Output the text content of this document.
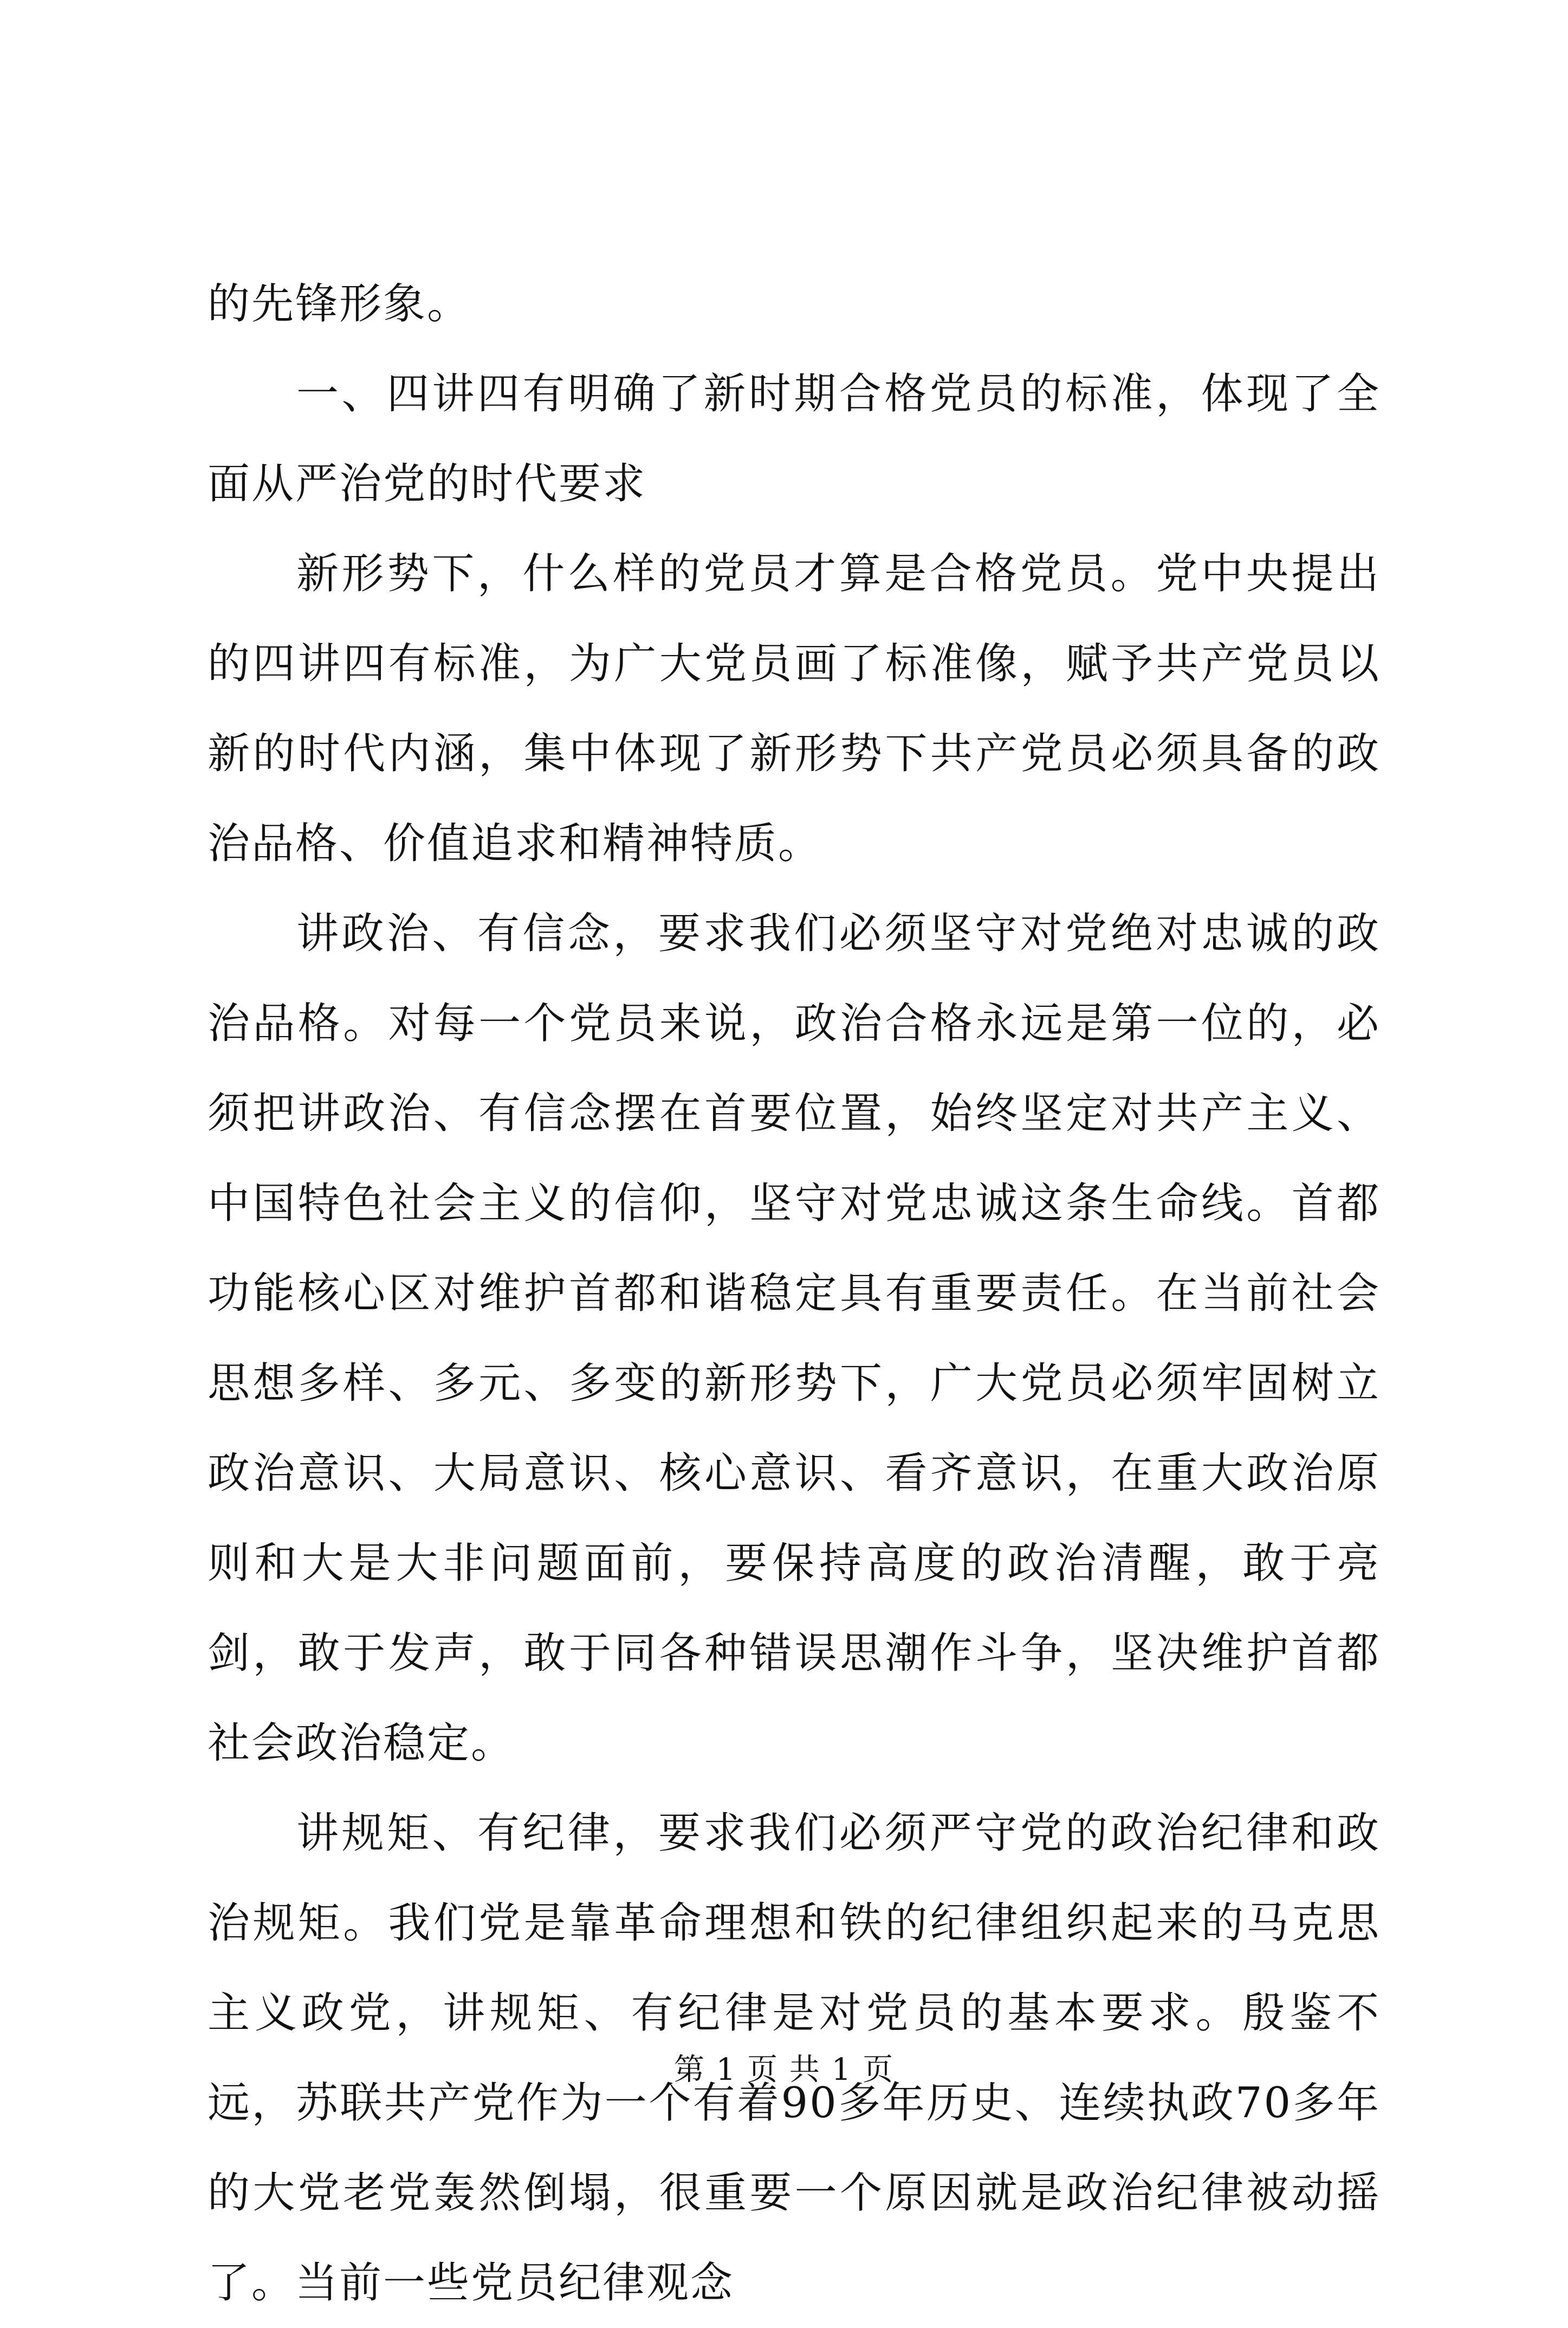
的先锋形象。

一、四讲四有明确了新时期合格党员的标准，体现了全面从严治党的时代要求

新形势下，什么样的党员才算是合格党员。党中央提出的四讲四有标准，为广大党员画了标准像，赋予共产党员以新的时代内涵，集中体现了新形势下共产党员必须具备的政治品格、价值追求和精神特质。

讲政治、有信念，要求我们必须坚守对党绝对忠诚的政治品格。对每一个党员来说，政治合格永远是第一位的，必须把讲政治、有信念摆在首要位置，始终坚定对共产主义、中国特色社会主义的信仰，坚守对党忠诚这条生命线。首都功能核心区对维护首都和谐稳定具有重要责任。在当前社会思想多样、多元、多变的新形势下，广大党员必须牢固树立政治意识、大局意识、核心意识、看齐意识，在重大政治原则和大是大非问题面前，要保持高度的政治清醒，敢于亮剑，敢于发声，敢于同各种错误思潮作斗争，坚决维护首都社会政治稳定。

讲规矩、有纪律，要求我们必须严守党的政治纪律和政治规矩。我们党是靠革命理想和铁的纪律组织起来的马克思主义政党，讲规矩、有纪律是对党员的基本要求。殷鉴不远，苏联共产党作为一个有着90多年历史、连续执政70多年的大党老党轰然倒塌，很重要一个原因就是政治纪律被动摇了。当前一些党员纪律观念

第 1 页 共 1 页
